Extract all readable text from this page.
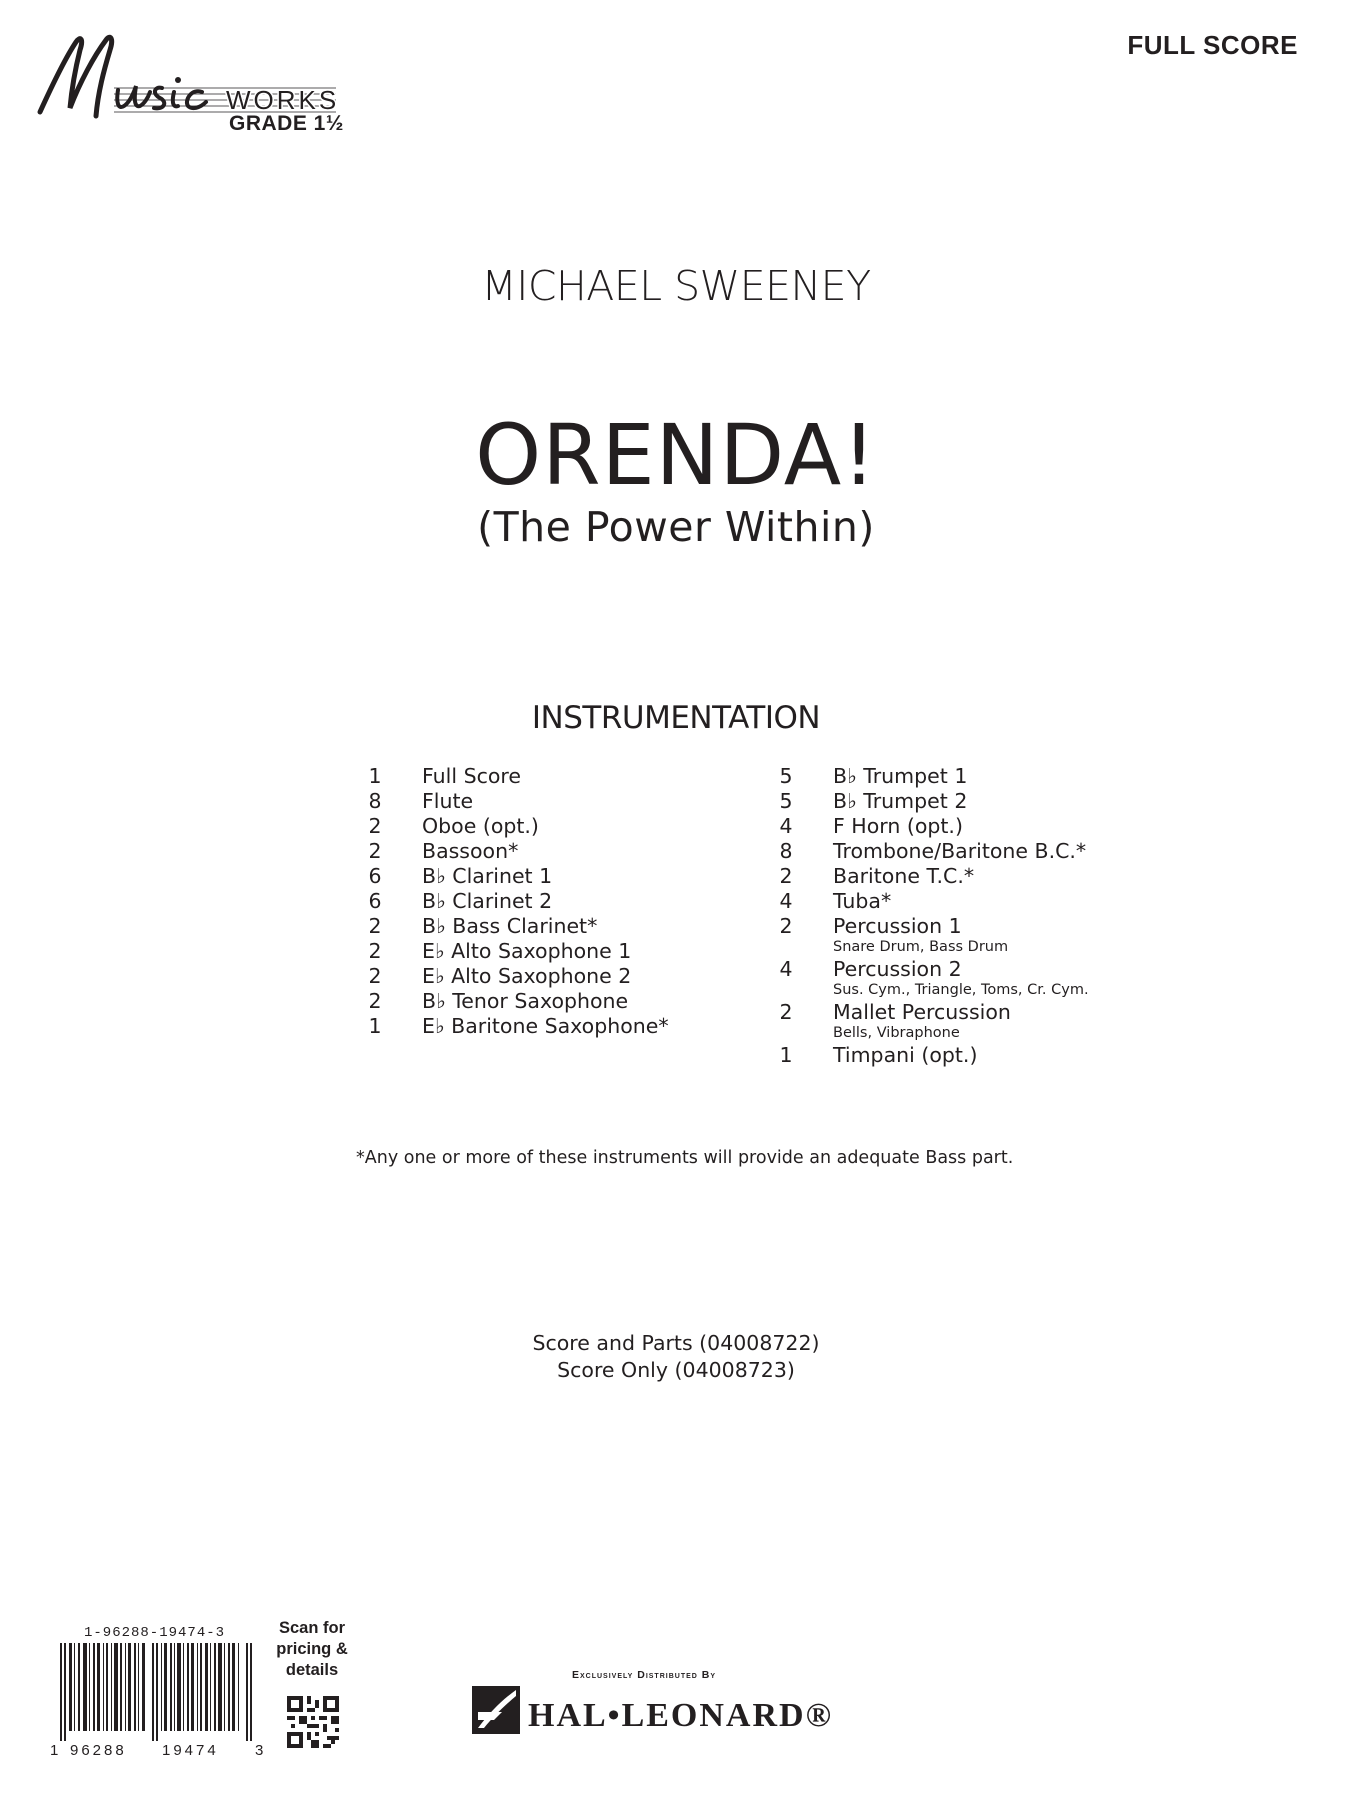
WORKS
GRADE 1½
FULL SCORE
MICHAEL SWEENEY
ORENDA!
(The Power Within)
INSTRUMENTATION
1	Full Score
8	Flute
2	Oboe (opt.)
2	Bassoon*
6	B♭ Clarinet 1
6	B♭ Clarinet 2
2	B♭ Bass Clarinet*
2	E♭ Alto Saxophone 1
2	E♭ Alto Saxophone 2
2	B♭ Tenor Saxophone
1	E♭ Baritone Saxophone*
5	B♭ Trumpet 1
5	B♭ Trumpet 2
4	F Horn (opt.)
8	Trombone/Baritone B.C.*
2	Baritone T.C.*
4	Tuba*
2	Percussion 1
Snare Drum, Bass Drum
4	Percussion 2
Sus. Cym., Triangle, Toms, Cr. Cym.
2	Mallet Percussion
Bells, Vibraphone
1	Timpani (opt.)
*Any one or more of these instruments will provide an adequate Bass part.
Score and Parts (04008722)
Score Only (04008723)
1-96288-19474-3
1 96288 19474 3
Scan for
pricing &
details	Exclusively Distributed By
HAL•LEONARD®
